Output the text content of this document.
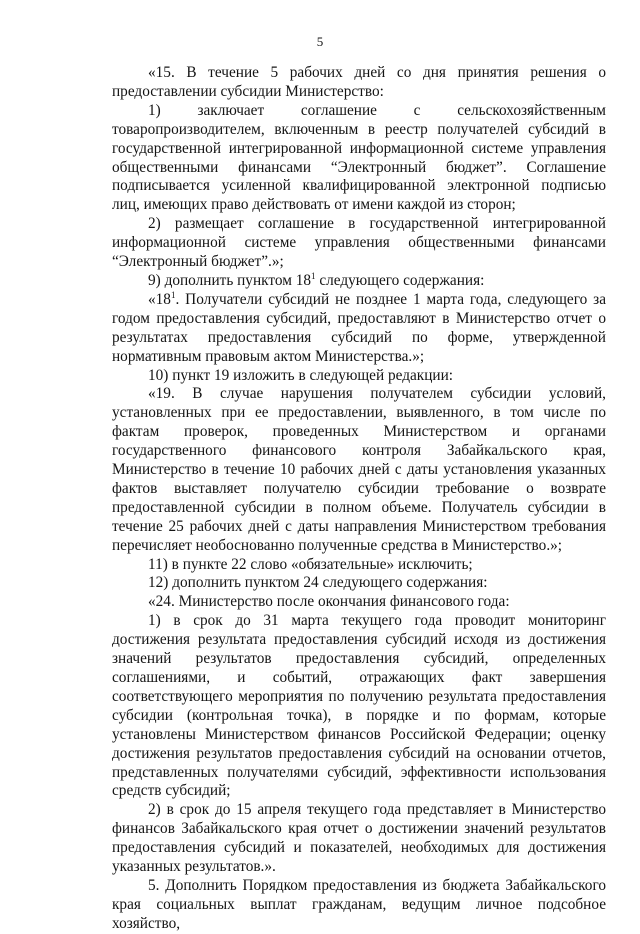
5

«15. В течение 5 рабочих дней со дня принятия решения о предоставлении субсидии Министерство:

1) заключает соглашение с сельскохозяйственным товаропроизводителем, включенным в реестр получателей субсидий в государственной интегрированной информационной системе управления общественными финансами “Электронный бюджет”. Соглашение подписывается усиленной квалифицированной электронной подписью лиц, имеющих право действовать от имени каждой из сторон;

2) размещает соглашение в государственной интегрированной информационной системе управления общественными финансами “Электронный бюджет”.»;

9) дополнить пунктом $18^1$ следующего содержания:

«$18^1$. Получатели субсидий не позднее 1 марта года, следующего за годом предоставления субсидий, предоставляют в Министерство отчет о результатах предоставления субсидий по форме, утвержденной нормативным правовым актом Министерства.»;

10) пункт 19 изложить в следующей редакции:

«19. В случае нарушения получателем субсидии условий, установленных при ее предоставлении, выявленного, в том числе по фактам проверок, проведенных Министерством и органами государственного финансового контроля Забайкальского края, Министерство в течение 10 рабочих дней с даты установления указанных фактов выставляет получателю субсидии требование о возврате предоставленной субсидии в полном объеме. Получатель субсидии в течение 25 рабочих дней с даты направления Министерством требования перечисляет необоснованно полученные средства в Министерство.»;

11) в пункте 22 слово «обязательные» исключить;

12) дополнить пунктом 24 следующего содержания:

«24. Министерство после окончания финансового года:

1) в срок до 31 марта текущего года проводит мониторинг достижения результата предоставления субсидий исходя из достижения значений результатов предоставления субсидий, определенных соглашениями, и событий, отражающих факт завершения соответствующего мероприятия по получению результата предоставления субсидии (контрольная точка), в порядке и по формам, которые установлены Министерством финансов Российской Федерации; оценку достижения результатов предоставления субсидий на основании отчетов, представленных получателями субсидий, эффективности использования средств субсидий;

2) в срок до 15 апреля текущего года представляет в Министерство финансов Забайкальского края отчет о достижении значений результатов предоставления субсидий и показателей, необходимых для достижения указанных результатов.».

5. Дополнить Порядком предоставления из бюджета Забайкальского края социальных выплат гражданам, ведущим личное подсобное хозяйство,
